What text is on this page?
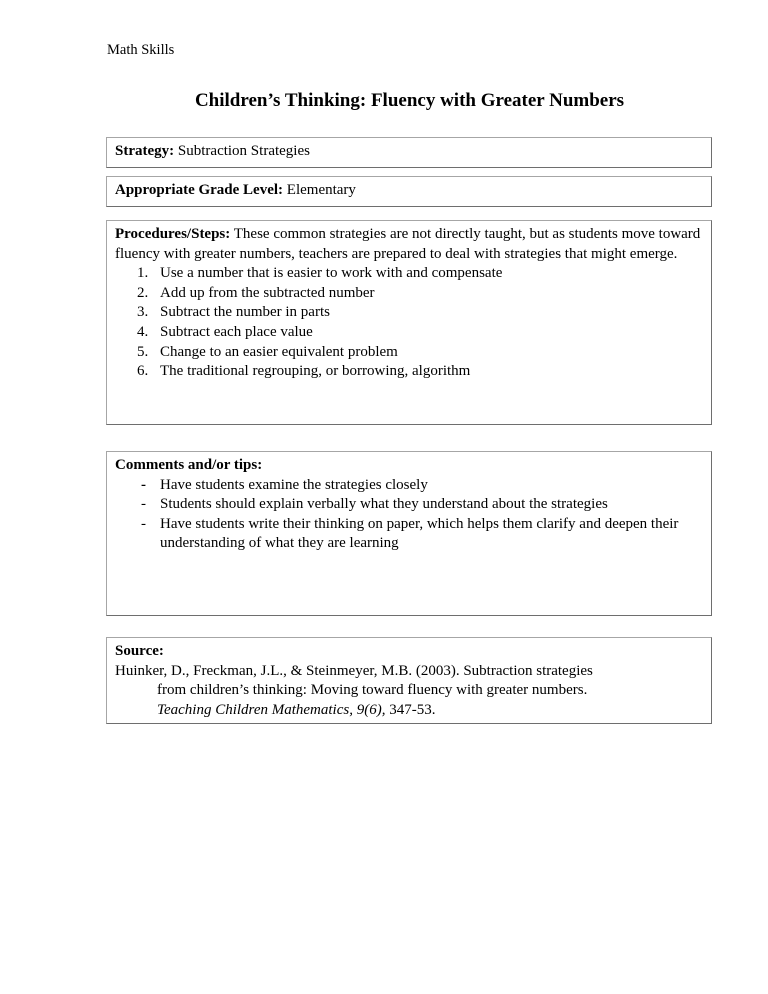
Math Skills
Children’s Thinking: Fluency with Greater Numbers
Strategy: Subtraction Strategies
Appropriate Grade Level: Elementary

Procedures/Steps: These common strategies are not directly taught, but as students move toward fluency with greater numbers, teachers are prepared to deal with strategies that might emerge.

1. Use a number that is easier to work with and compensate
2. Add up from the subtracted number
3. Subtract the number in parts
4. Subtract each place value
5. Change to an easier equivalent problem
6. The traditional regrouping, or borrowing, algorithm
Comments and/or tips:
- Have students examine the strategies closely
- Students should explain verbally what they understand about the strategies
- Have students write their thinking on paper, which helps them clarify and deepen their understanding of what they are learning
Source:

Huinker, D., Freckman, J.L., & Steinmeyer, M.B. (2003). Subtraction strategies

from children’s thinking: Moving toward fluency with greater numbers.

Teaching Children Mathematics, 9(6), 347-53.
